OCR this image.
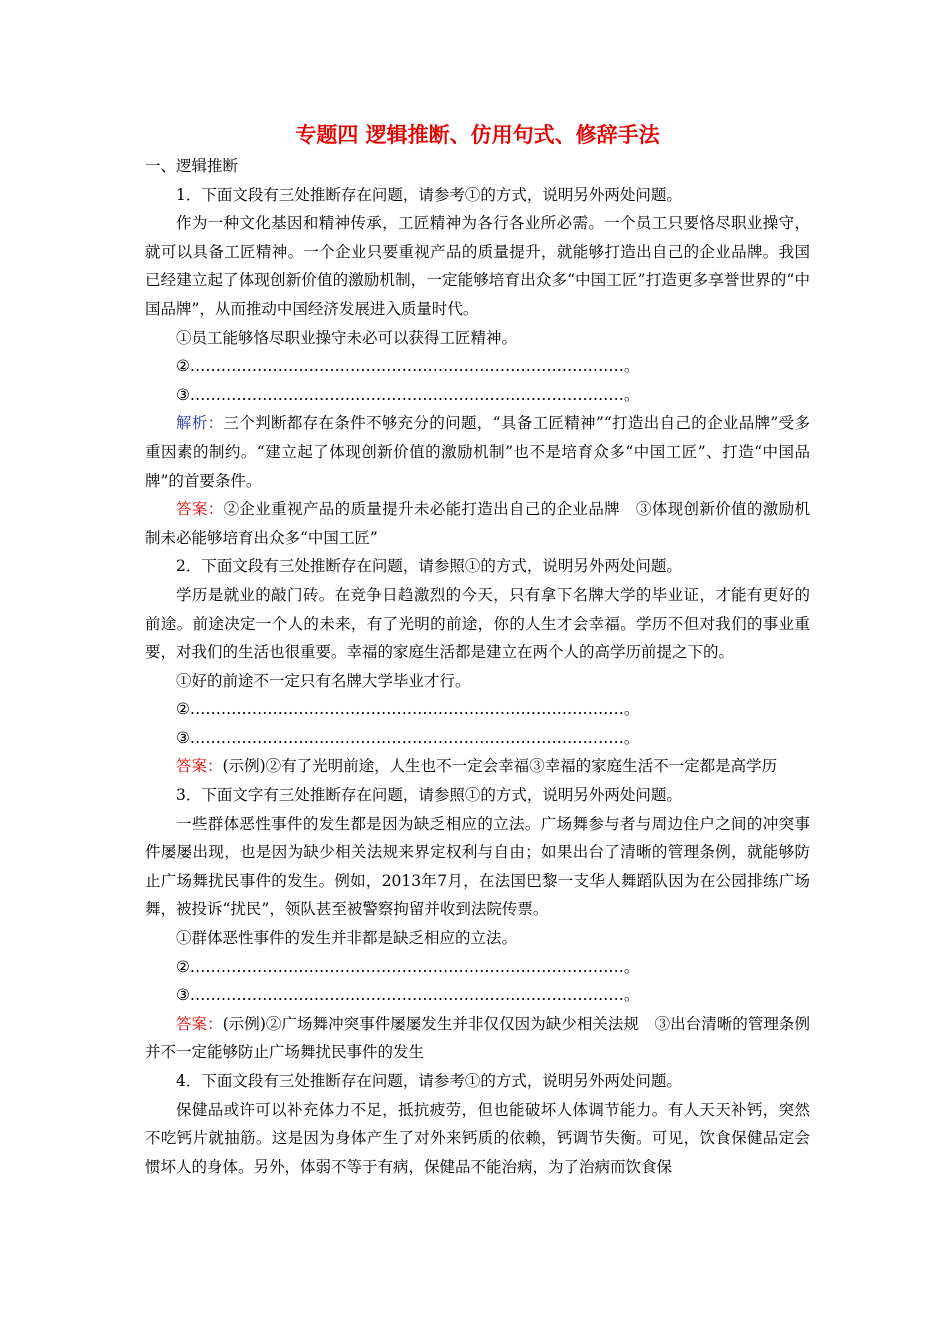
专题四 逻辑推断、仿用句式、修辞手法

一、逻辑推断

1．下面文段有三处推断存在问题，请参考①的方式，说明另外两处问题。

作为一种文化基因和精神传承，工匠精神为各行各业所必需。一个员工只要恪尽职业操守，就可以具备工匠精神。一个企业只要重视产品的质量提升，就能够打造出自己的企业品牌。我国已经建立起了体现创新价值的激励机制，一定能够培育出众多“中国工匠”打造更多享誉世界的“中国品牌”，从而推动中国经济发展进入质量时代。

①员工能够恪尽职业操守未必可以获得工匠精神。

②…………………………………………………………………………。

③…………………………………………………………………………。

解析：三个判断都存在条件不够充分的问题，“具备工匠精神”“打造出自己的企业品牌”受多重因素的制约。“建立起了体现创新价值的激励机制”也不是培育众多“中国工匠”、打造“中国品牌”的首要条件。

答案：②企业重视产品的质量提升未必能打造出自己的企业品牌　③体现创新价值的激励机制未必能够培育出众多“中国工匠”

2．下面文段有三处推断存在问题，请参照①的方式，说明另外两处问题。

学历是就业的敲门砖。在竞争日趋激烈的今天，只有拿下名牌大学的毕业证，才能有更好的前途。前途决定一个人的未来，有了光明的前途，你的人生才会幸福。学历不但对我们的事业重要，对我们的生活也很重要。幸福的家庭生活都是建立在两个人的高学历前提之下的。

①好的前途不一定只有名牌大学毕业才行。

②…………………………………………………………………………。

③…………………………………………………………………………。

答案：(示例)②有了光明前途，人生也不一定会幸福③幸福的家庭生活不一定都是高学历

3．下面文字有三处推断存在问题，请参照①的方式，说明另外两处问题。

一些群体恶性事件的发生都是因为缺乏相应的立法。广场舞参与者与周边住户之间的冲突事件屡屡出现，也是因为缺少相关法规来界定权利与自由；如果出台了清晰的管理条例，就能够防止广场舞扰民事件的发生。例如，2013年7月，在法国巴黎一支华人舞蹈队因为在公园排练广场舞，被投诉“扰民”，领队甚至被警察拘留并收到法院传票。

①群体恶性事件的发生并非都是缺乏相应的立法。

②…………………………………………………………………………。

③…………………………………………………………………………。

答案：(示例)②广场舞冲突事件屡屡发生并非仅仅因为缺少相关法规　③出台清晰的管理条例并不一定能够防止广场舞扰民事件的发生

4．下面文段有三处推断存在问题，请参考①的方式，说明另外两处问题。

保健品或许可以补充体力不足，抵抗疲劳，但也能破坏人体调节能力。有人天天补钙，突然不吃钙片就抽筋。这是因为身体产生了对外来钙质的依赖，钙调节失衡。可见，饮食保健品定会惯坏人的身体。另外，体弱不等于有病，保健品不能治病，为了治病而饮食保
